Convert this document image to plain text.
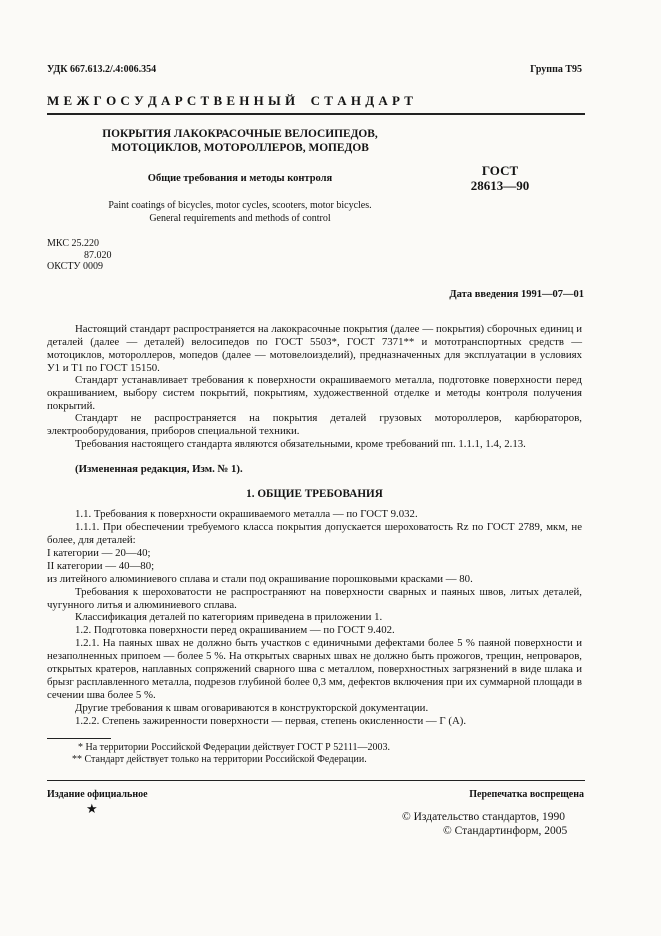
УДК 667.613.2/.4:006.354	Группа Т95
М Е Ж Г О С У Д А Р С Т В Е Н Н Ы Й    С Т А Н Д А Р Т
ПОКРЫТИЯ ЛАКОКРАСОЧНЫЕ ВЕЛОСИПЕДОВ,
МОТОЦИКЛОВ, МОТОРОЛЛЕРОВ, МОПЕДОВ
Общие требования и методы контроля
Paint coatings of bicycles, motor cycles, scooters, motor bicycles.
General requirements and methods of control
ГОСТ
28613—90
МКС 25.220
87.020
ОКСТУ 0009
Дата введения 1991—07—01

Настоящий стандарт распространяется на лакокрасочные покрытия (далее — покрытия) сборочных единиц и деталей (далее — деталей) велосипедов по ГОСТ 5503*, ГОСТ 7371** и мототранспортных средств — мотоциклов, мотороллеров, мопедов (далее — мотовелоизделий), предназначенных для эксплуатации в условиях У1 и Т1 по ГОСТ 15150.

Стандарт устанавливает требования к поверхности окрашиваемого металла, подготовке поверхности перед окрашиванием, выбору систем покрытий, покрытиям, художественной отделке и методы контроля получения покрытий.

Стандарт не распространяется на покрытия деталей грузовых мотороллеров, карбюраторов, электрооборудования, приборов специальной техники.

Требования настоящего стандарта являются обязательными, кроме требований пп. 1.1.1, 1.4, 2.13.

(Измененная редакция, Изм. № 1).

1. ОБЩИЕ ТРЕБОВАНИЯ

1.1. Требования к поверхности окрашиваемого металла — по ГОСТ 9.032.

1.1.1. При обеспечении требуемого класса покрытия допускается шероховатость Rz по ГОСТ 2789, мкм, не более, для деталей:

I категории — 20—40;

II категории — 40—80;

из литейного алюминиевого сплава и стали под окрашивание порошковыми красками — 80.

Требования к шероховатости не распространяют на поверхности сварных и паяных швов, литых деталей, чугунного литья и алюминиевого сплава.

Классификация деталей по категориям приведена в приложении 1.

1.2. Подготовка поверхности перед окрашиванием — по ГОСТ 9.402.

1.2.1. На паяных швах не должно быть участков с единичными дефектами более 5 % паяной поверхности и незаполненных припоем — более 5 %. На открытых сварных швах не должно быть прожогов, трещин, непроваров, открытых кратеров, наплавных сопряжений сварного шва с металлом, поверхностных загрязнений в виде шлака и брызг расплавленного металла, подрезов глубиной более 0,3 мм, дефектов включения при их суммарной площади в сечении шва более 5 %.

Другие требования к швам оговариваются в конструкторской документации.

1.2.2. Степень зажиренности поверхности — первая, степень окисленности — Г (А).

* На территории Российской Федерации действует ГОСТ Р 52111—2003.
** Стандарт действует только на территории Российской Федерации.
Издание официальное
★
Перепечатка воспрещена
© Издательство стандартов, 1990
© Стандартинформ, 2005
